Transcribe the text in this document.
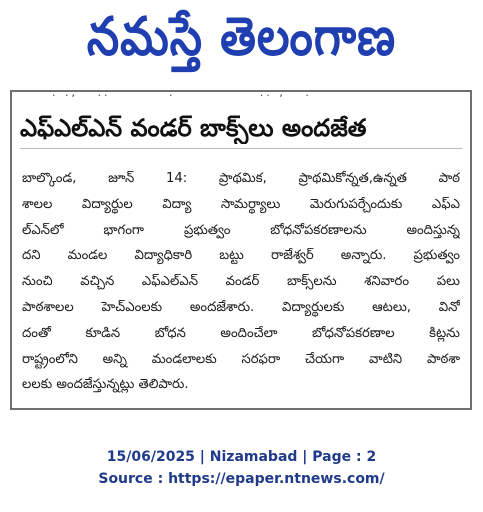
నమస్తే తెలంగాణ
. .,   ..         .             .. ,   .
ఎఫ్ఎల్ఎన్ వండర్ బాక్స్‌లు అందజేత
బాల్కొండ, జూన్ 14: ప్రాథమిక, ప్రాథమికోన్నత,ఉన్నత పాఠ
శాలల విద్యార్థుల విద్యా సామర్థ్యాలు మెరుగుపర్చేందుకు ఎఫ్ఎ
ల్ఎన్‌లో భాగంగా ప్రభుత్వం బోధనోపకరణాలను అందిస్తున్న
దని మండల విద్యాధికారి బట్టు రాజేశ్వర్ అన్నారు. ప్రభుత్వం
నుంచి వచ్చిన ఎఫ్ఎల్ఎన్ వండర్ బాక్స్‌లను శనివారం పలు
పాఠశాలల హెచ్ఎంలకు అందజేశారు. విద్యార్థులకు ఆటలు, వినో
దంతో కూడిన బోధన అందించేలా బోధనోపకరణాల కిట్లను
రాష్ట్రంలోని అన్ని మండలాలకు సరఫరా చేయగా వాటిని పాఠశా
లలకు అందజేస్తున్నట్లు తెలిపారు.
15/06/2025 | Nizamabad | Page : 2
Source : https://epaper.ntnews.com/
